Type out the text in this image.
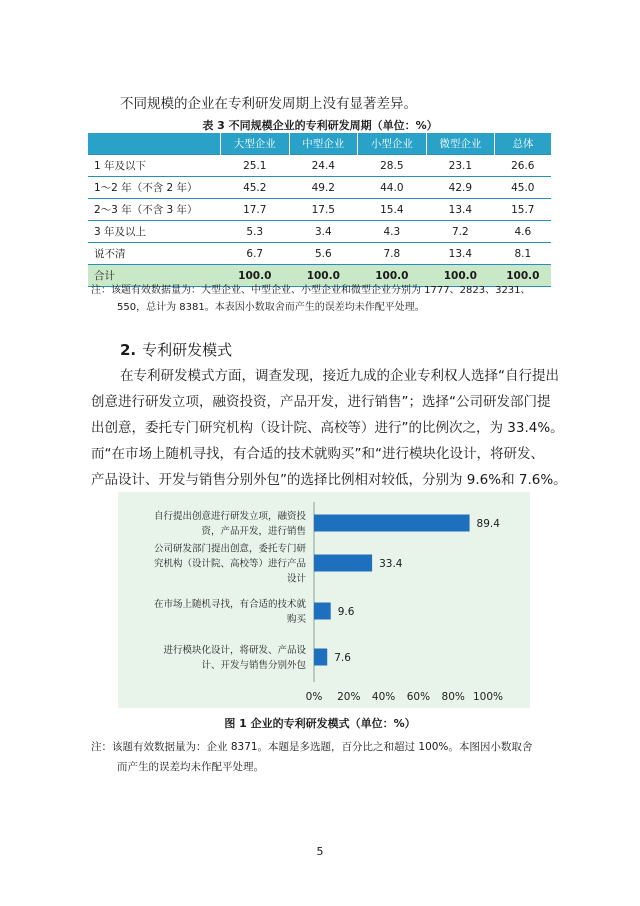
不同规模的企业在专利研发周期上没有显著差异。
表 3 不同规模企业的专利研发周期（单位：%）
	大型企业	中型企业	小型企业	微型企业	总体
1 年及以下	25.1	24.4	28.5	23.1	26.6
1～2 年（不含 2 年）	45.2	49.2	44.0	42.9	45.0
2～3 年（不含 3 年）	17.7	17.5	15.4	13.4	15.7
3 年及以上	5.3	3.4	4.3	7.2	4.6
说不清	6.7	5.6	7.8	13.4	8.1
合计	100.0	100.0	100.0	100.0	100.0
注：该题有效数据量为：大型企业、中型企业、小型企业和微型企业分别为 1777、2823、3231、
550，总计为 8381。本表因小数取舍而产生的误差均未作配平处理。
2. 专利研发模式
在专利研发模式方面，调查发现，接近九成的企业专利权人选择“自行提出
创意进行研发立项，融资投资，产品开发，进行销售”；选择“公司研发部门提
出创意，委托专门研究机构（设计院、高校等）进行”的比例次之，为 33.4%。
而“在市场上随机寻找，有合适的技术就购买”和“进行模块化设计，将研发、
产品设计、开发与销售分别外包”的选择比例相对较低，分别为 9.6%和 7.6%。
89.4
自行提出创意进行研发立项，融资投
资，产品开发，进行销售
33.4
公司研发部门提出创意，委托专门研
究机构（设计院、高校等）进行产品
设计
9.6
在市场上随机寻找，有合适的技术就
购买
7.6
进行模块化设计，将研发、产品设
计、开发与销售分别外包
0% 20% 40% 60% 80% 100%
图 1 企业的专利研发模式（单位：%）
注：该题有效数据量为：企业 8371。本题是多选题，百分比之和超过 100%。本图因小数取舍
而产生的误差均未作配平处理。
5
